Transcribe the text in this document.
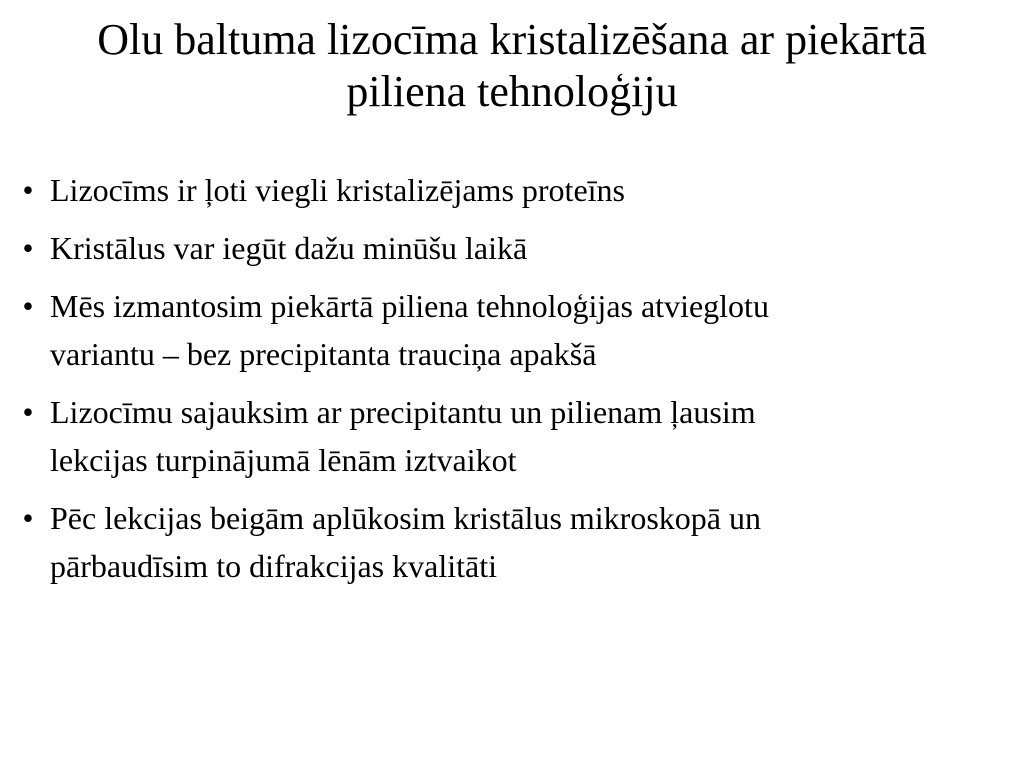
Olu baltuma lizocīma kristalizēšana ar piekārtā
piliena tehnoloģiju
• Lizocīms ir ļoti viegli kristalizējams proteīns
• Kristālus var iegūt dažu minūšu laikā
• Mēs izmantosim piekārtā piliena tehnoloģijas atvieglotu
variantu – bez precipitanta trauciņa apakšā
• Lizocīmu sajauksim ar precipitantu un pilienam ļausim
lekcijas turpinājumā lēnām iztvaikot
• Pēc lekcijas beigām aplūkosim kristālus mikroskopā un
pārbaudīsim to difrakcijas kvalitāti
